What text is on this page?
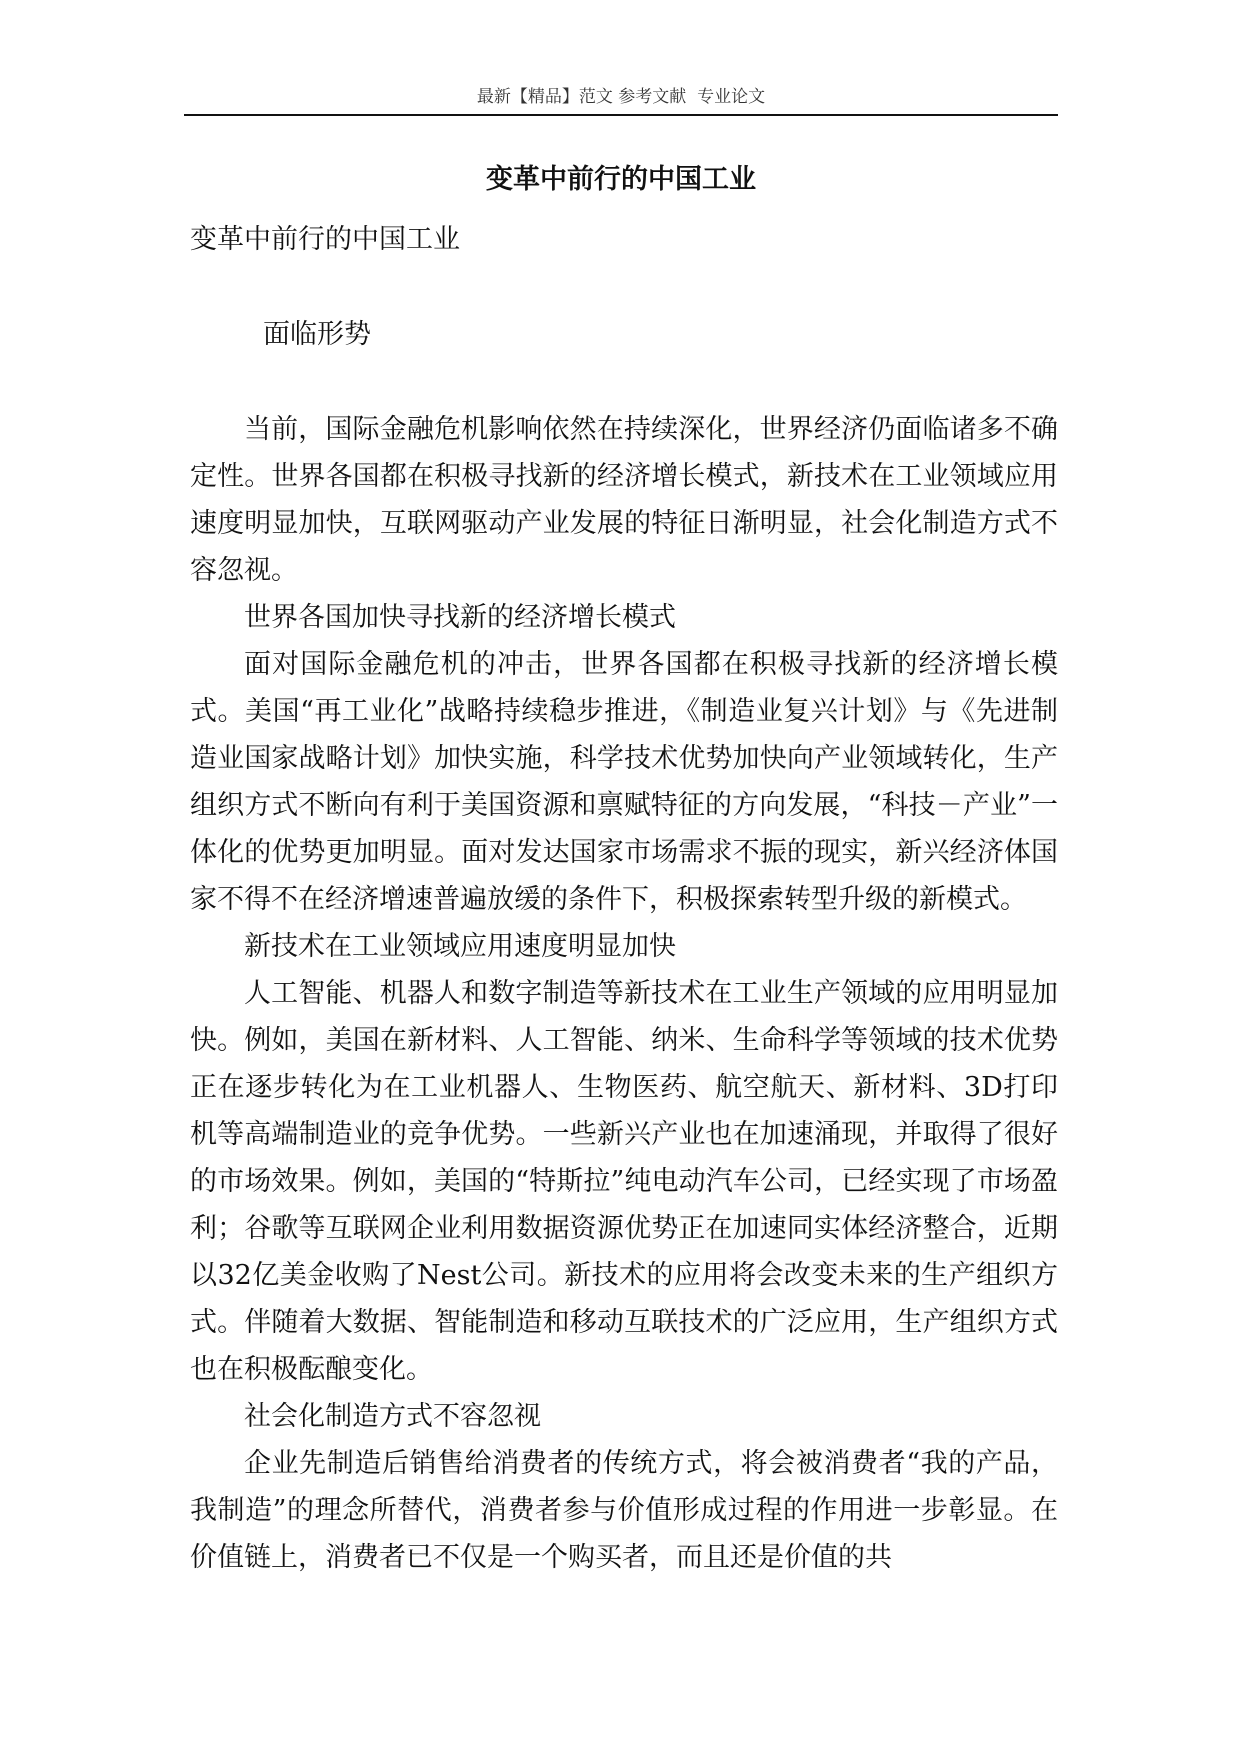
最新【精品】范文 参考文献  专业论文
变革中前行的中国工业
变革中前行的中国工业
面临形势

当前，国际金融危机影响依然在持续深化，世界经济仍面临诸多不确定性。世界各国都在积极寻找新的经济增长模式，新技术在工业领域应用速度明显加快，互联网驱动产业发展的特征日渐明显，社会化制造方式不容忽视。

世界各国加快寻找新的经济增长模式

面对国际金融危机的冲击，世界各国都在积极寻找新的经济增长模式。美国“再工业化”战略持续稳步推进，《制造业复兴计划》与《先进制造业国家战略计划》加快实施，科学技术优势加快向产业领域转化，生产组织方式不断向有利于美国资源和禀赋特征的方向发展，“科技－产业”一体化的优势更加明显。面对发达国家市场需求不振的现实，新兴经济体国家不得不在经济增速普遍放缓的条件下，积极探索转型升级的新模式。

新技术在工业领域应用速度明显加快

人工智能、机器人和数字制造等新技术在工业生产领域的应用明显加快。例如，美国在新材料、人工智能、纳米、生命科学等领域的技术优势正在逐步转化为在工业机器人、生物医药、航空航天、新材料、3D打印机等高端制造业的竞争优势。一些新兴产业也在加速涌现，并取得了很好的市场效果。例如，美国的“特斯拉”纯电动汽车公司，已经实现了市场盈利；谷歌等互联网企业利用数据资源优势正在加速同实体经济整合，近期以32亿美金收购了Nest公司。新技术的应用将会改变未来的生产组织方式。伴随着大数据、智能制造和移动互联技术的广泛应用，生产组织方式也在积极酝酿变化。

社会化制造方式不容忽视

企业先制造后销售给消费者的传统方式，将会被消费者“我的产品，我制造”的理念所替代，消费者参与价值形成过程的作用进一步彰显。在价值链上，消费者已不仅是一个购买者，而且还是价值的共
